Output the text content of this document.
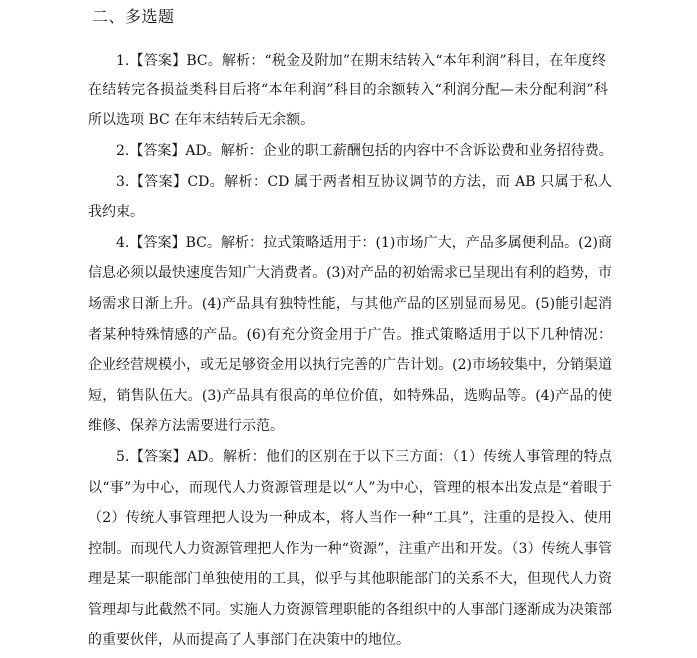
二、多选题
1.【答案】BC。解析：“税金及附加”在期末结转入“本年利润”科目，在年度终
在结转完各损益类科目后将“本年利润”科目的余额转入“利润分配—未分配利润”科
所以选项 BC 在年末结转后无余额。
2.【答案】AD。解析：企业的职工薪酬包括的内容中不含诉讼费和业务招待费。
3.【答案】CD。解析：CD 属于两者相互协议调节的方法，而 AB 只属于私人
我约束。
4.【答案】BC。解析：拉式策略适用于：(1)市场广大，产品多属便利品。(2)商
信息必须以最快速度告知广大消费者。(3)对产品的初始需求已呈现出有利的趋势，市
场需求日渐上升。(4)产品具有独特性能，与其他产品的区别显而易见。(5)能引起消
者某种特殊情感的产品。(6)有充分资金用于广告。推式策略适用于以下几种情况：
企业经营规模小，或无足够资金用以执行完善的广告计划。(2)市场较集中，分销渠道
短，销售队伍大。(3)产品具有很高的单位价值，如特殊品，选购品等。(4)产品的使
维修、保养方法需要进行示范。
5.【答案】AD。解析：他们的区别在于以下三方面：（1）传统人事管理的特点
以“事”为中心，而现代人力资源管理是以“人”为中心，管理的根本出发点是“着眼于
（2）传统人事管理把人设为一种成本，将人当作一种“工具”，注重的是投入、使用
控制。而现代人力资源管理把人作为一种“资源”，注重产出和开发。（3）传统人事管
理是某一职能部门单独使用的工具，似乎与其他职能部门的关系不大，但现代人力资
管理却与此截然不同。实施人力资源管理职能的各组织中的人事部门逐渐成为决策部
的重要伙伴，从而提高了人事部门在决策中的地位。
